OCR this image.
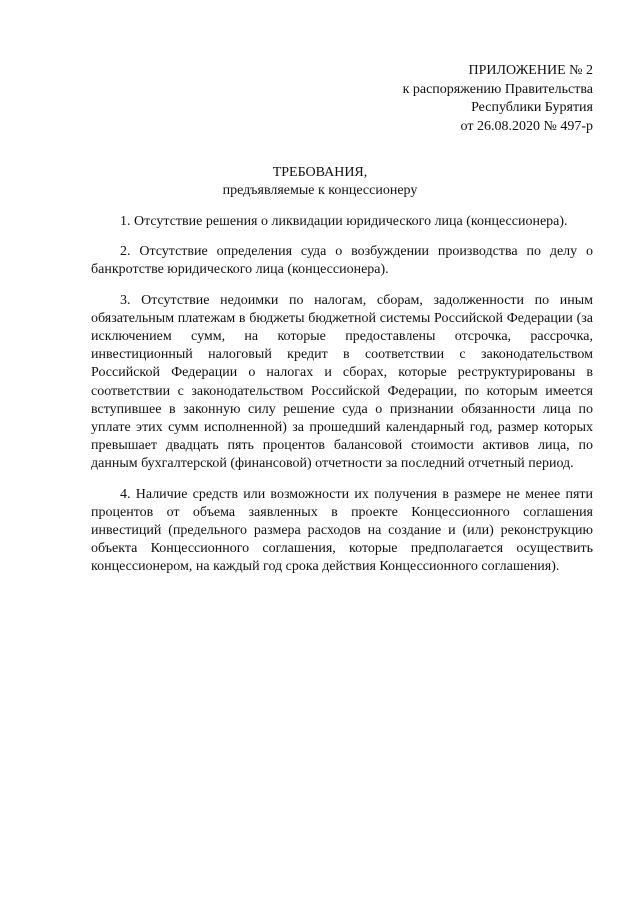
ПРИЛОЖЕНИЕ № 2
к распоряжению Правительства
Республики Бурятия
от 26.08.2020 № 497-р
ТРЕБОВАНИЯ,
предъявляемые к концессионеру

1. Отсутствие решения о ликвидации юридического лица (концессионера).

2. Отсутствие определения суда о возбуждении производства по делу о банкротстве юридического лица (концессионера).

3. Отсутствие недоимки по налогам, сборам, задолженности по иным обязательным платежам в бюджеты бюджетной системы Российской Федерации (за исключением сумм, на которые предоставлены отсрочка, рассрочка, инвестиционный налоговый кредит в соответствии с законодательством Российской Федерации о налогах и сборах, которые реструктурированы в соответствии с законодательством Российской Федерации, по которым имеется вступившее в законную силу решение суда о признании обязанности лица по уплате этих сумм исполненной) за прошедший календарный год, размер которых превышает двадцать пять процентов балансовой стоимости активов лица, по данным бухгалтерской (финансовой) отчетности за последний отчетный период.

4. Наличие средств или возможности их получения в размере не менее пяти процентов от объема заявленных в проекте Концессионного соглашения инвестиций (предельного размера расходов на создание и (или) реконструкцию объекта Концессионного соглашения, которые предполагается осуществить концессионером, на каждый год срока действия Концессионного соглашения).
